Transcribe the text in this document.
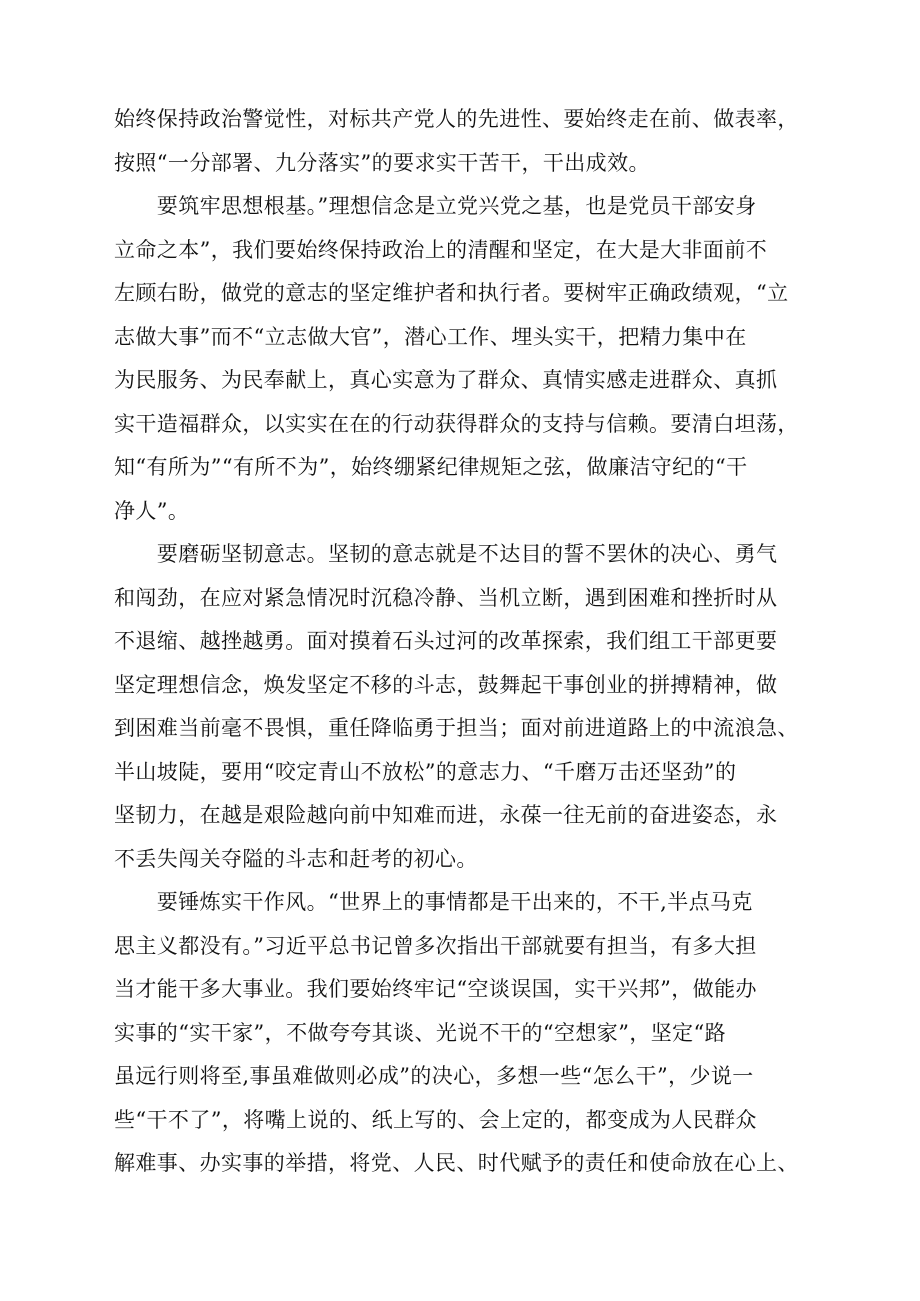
始终保持政治警觉性，对标共产党人的先进性、要始终走在前、做表率，
按照“一分部署、九分落实”的要求实干苦干，干出成效。
　　要筑牢思想根基。”理想信念是立党兴党之基，也是党员干部安身
立命之本”，我们要始终保持政治上的清醒和坚定，在大是大非面前不
左顾右盼，做党的意志的坚定维护者和执行者。要树牢正确政绩观，“立
志做大事”而不“立志做大官”，潜心工作、埋头实干，把精力集中在
为民服务、为民奉献上，真心实意为了群众、真情实感走进群众、真抓
实干造福群众，以实实在在的行动获得群众的支持与信赖。要清白坦荡，
知“有所为”“有所不为”，始终绷紧纪律规矩之弦，做廉洁守纪的“干
净人”。
　　要磨砺坚韧意志。坚韧的意志就是不达目的誓不罢休的决心、勇气
和闯劲，在应对紧急情况时沉稳冷静、当机立断，遇到困难和挫折时从
不退缩、越挫越勇。面对摸着石头过河的改革探索，我们组工干部更要
坚定理想信念，焕发坚定不移的斗志，鼓舞起干事创业的拼搏精神，做
到困难当前毫不畏惧，重任降临勇于担当；面对前进道路上的中流浪急、
半山坡陡，要用“咬定青山不放松”的意志力、“千磨万击还坚劲”的
坚韧力，在越是艰险越向前中知难而进，永葆一往无前的奋进姿态，永
不丢失闯关夺隘的斗志和赶考的初心。
　　要锤炼实干作风。“世界上的事情都是干出来的，不干,半点马克
思主义都没有。”习近平总书记曾多次指出干部就要有担当，有多大担
当才能干多大事业。我们要始终牢记“空谈误国，实干兴邦”，做能办
实事的“实干家”，不做夸夸其谈、光说不干的“空想家”，坚定“路
虽远行则将至,事虽难做则必成”的决心，多想一些“怎么干”，少说一
些“干不了”，将嘴上说的、纸上写的、会上定的，都变成为人民群众
解难事、办实事的举措，将党、人民、时代赋予的责任和使命放在心上、
